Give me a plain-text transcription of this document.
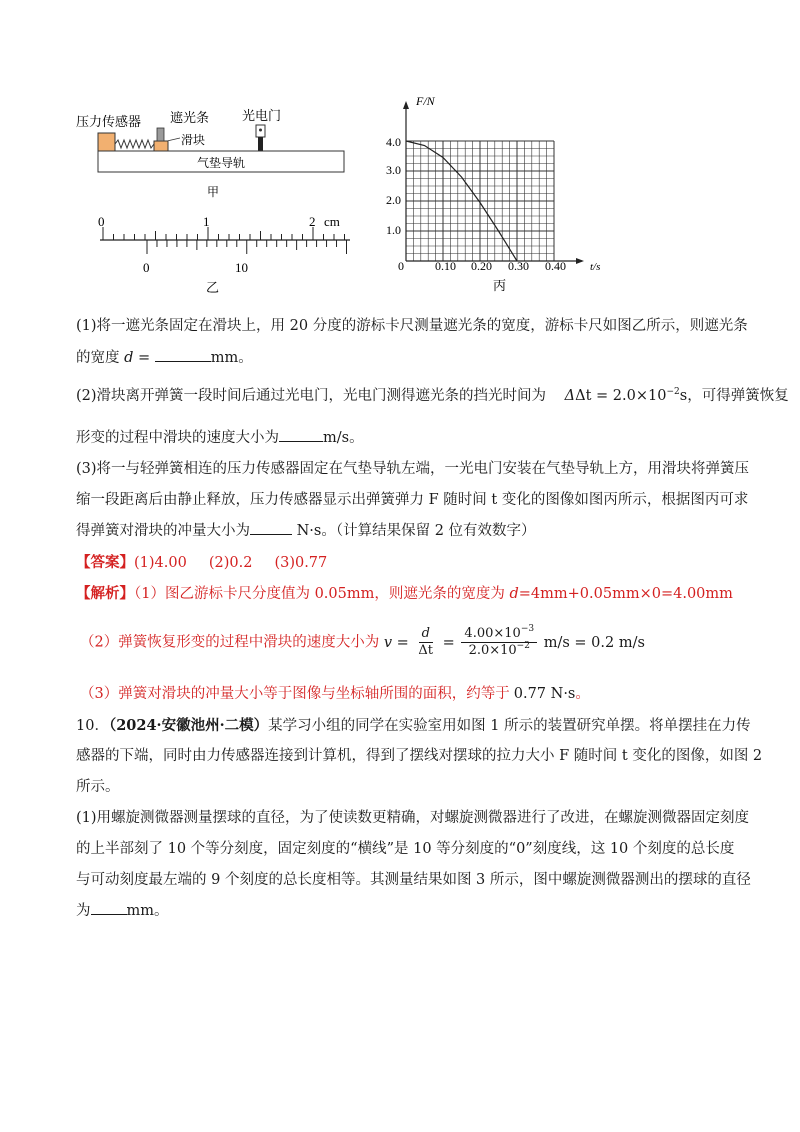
压力传感器 遮光条	光电门
滑块
气垫导轨
甲
0	1	2 cm
0	10
乙
F/N
t/s
0	0.10 0.20 0.30 0.40
1.0
2.0
3.0
4.0
丙
(1)将一遮光条固定在滑块上，用 20 分度的游标卡尺测量遮光条的宽度，游标卡尺如图乙所示，则遮光条
的宽度 d =	mm。
(2)滑块离开弹簧一段时间后通过光电门，光电门测得遮光条的挡光时间为 $\Delta\Delta t = 2.0\times 10^{-2}s$，可得弹簧恢复
形变的过程中滑块的速度大小为	m/s。
(3)将一与轻弹簧相连的压力传感器固定在气垫导轨左端，一光电门安装在气垫导轨上方，用滑块将弹簧压
缩一段距离后由静止释放，压力传感器显示出弹簧弹力 F 随时间 t 变化的图像如图丙所示，根据图丙可求
得弹簧对滑块的冲量大小为	N·s。（计算结果保留 2 位有效数字）
【答案】(1)4.00 (2)0.2 (3)0.77
【解析】（1）图乙游标卡尺分度值为 0.05mm，则遮光条的宽度为 d=4mm+0.05mm×0=4.00mm
（2）弹簧恢复形变的过程中滑块的速度大小为 $v = \frac{d}{\Delta t} = \frac{4.00\times 10^{-3}}{2.0\times 10^{-2}} m/s = 0.2$ m/s
（3）弹簧对滑块的冲量大小等于图像与坐标轴所围的面积，约等于 0.77 N·s。
10．（2024·安徽池州·二模）某学习小组的同学在实验室用如图 1 所示的装置研究单摆。将单摆挂在力传
感器的下端，同时由力传感器连接到计算机，得到了摆线对摆球的拉力大小 F 随时间 t 变化的图像，如图 2
所示。
(1)用螺旋测微器测量摆球的直径，为了使读数更精确，对螺旋测微器进行了改进，在螺旋测微器固定刻度
的上半部刻了 10 个等分刻度，固定刻度的“横线”是 10 等分刻度的“0”刻度线，这 10 个刻度的总长度
与可动刻度最左端的 9 个刻度的总长度相等。其测量结果如图 3 所示，图中螺旋测微器测出的摆球的直径
为 mm。
